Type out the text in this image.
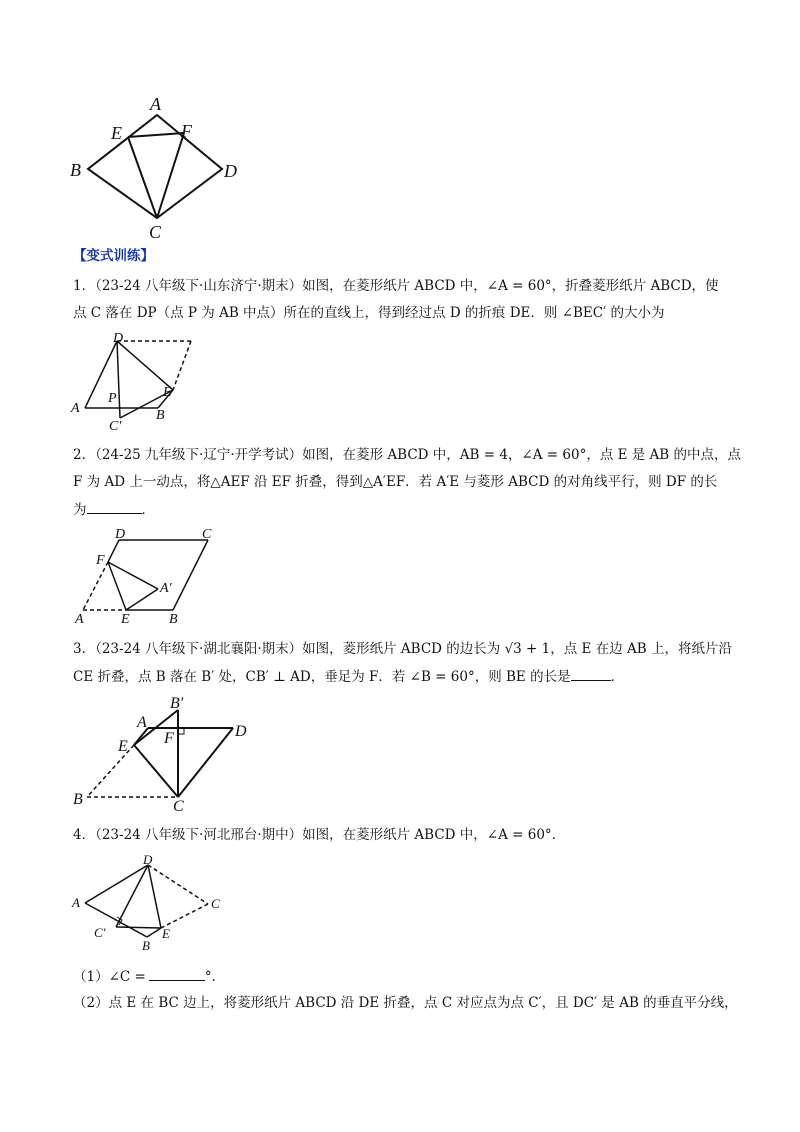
A
E	F
B	D
C
【变式训练】
1．（23-24 八年级下·山东济宁·期末）如图，在菱形纸片 ABCD 中，∠A = 60°，折叠菱形纸片 ABCD，使
点 C 落在 DP（点 P 为 AB 中点）所在的直线上，得到经过点 D 的折痕 DE．则 ∠BEC′ 的大小为
D
A
P
B
E
C′
2．（24-25 九年级下·辽宁·开学考试）如图，在菱形 ABCD 中，AB = 4，∠A = 60°，点 E 是 AB 的中点，点
F 为 AD 上一动点，将△AEF 沿 EF 折叠，得到△A′EF．若 A′E 与菱形 ABCD 的对角线平行，则 DF 的长
为	．
D	C
F
A′
A	E	B
3．（23-24 八年级下·湖北襄阳·期末）如图，菱形纸片 ABCD 的边长为 √3 + 1，点 E 在边 AB 上，将纸片沿
CE 折叠，点 B 落在 B′ 处，CB′ ⊥ AD，垂足为 F．若 ∠B = 60°，则 BE 的长是	．
A
B′
D
F
E
B	C
4．（23-24 八年级下·河北邢台·期中）如图，在菱形纸片 ABCD 中，∠A = 60°．
D
A	C
C′
B
E
（1）∠C =	°．
（2）点 E 在 BC 边上，将菱形纸片 ABCD 沿 DE 折叠，点 C 对应点为点 C′，且 DC′ 是 AB 的垂直平分线，
